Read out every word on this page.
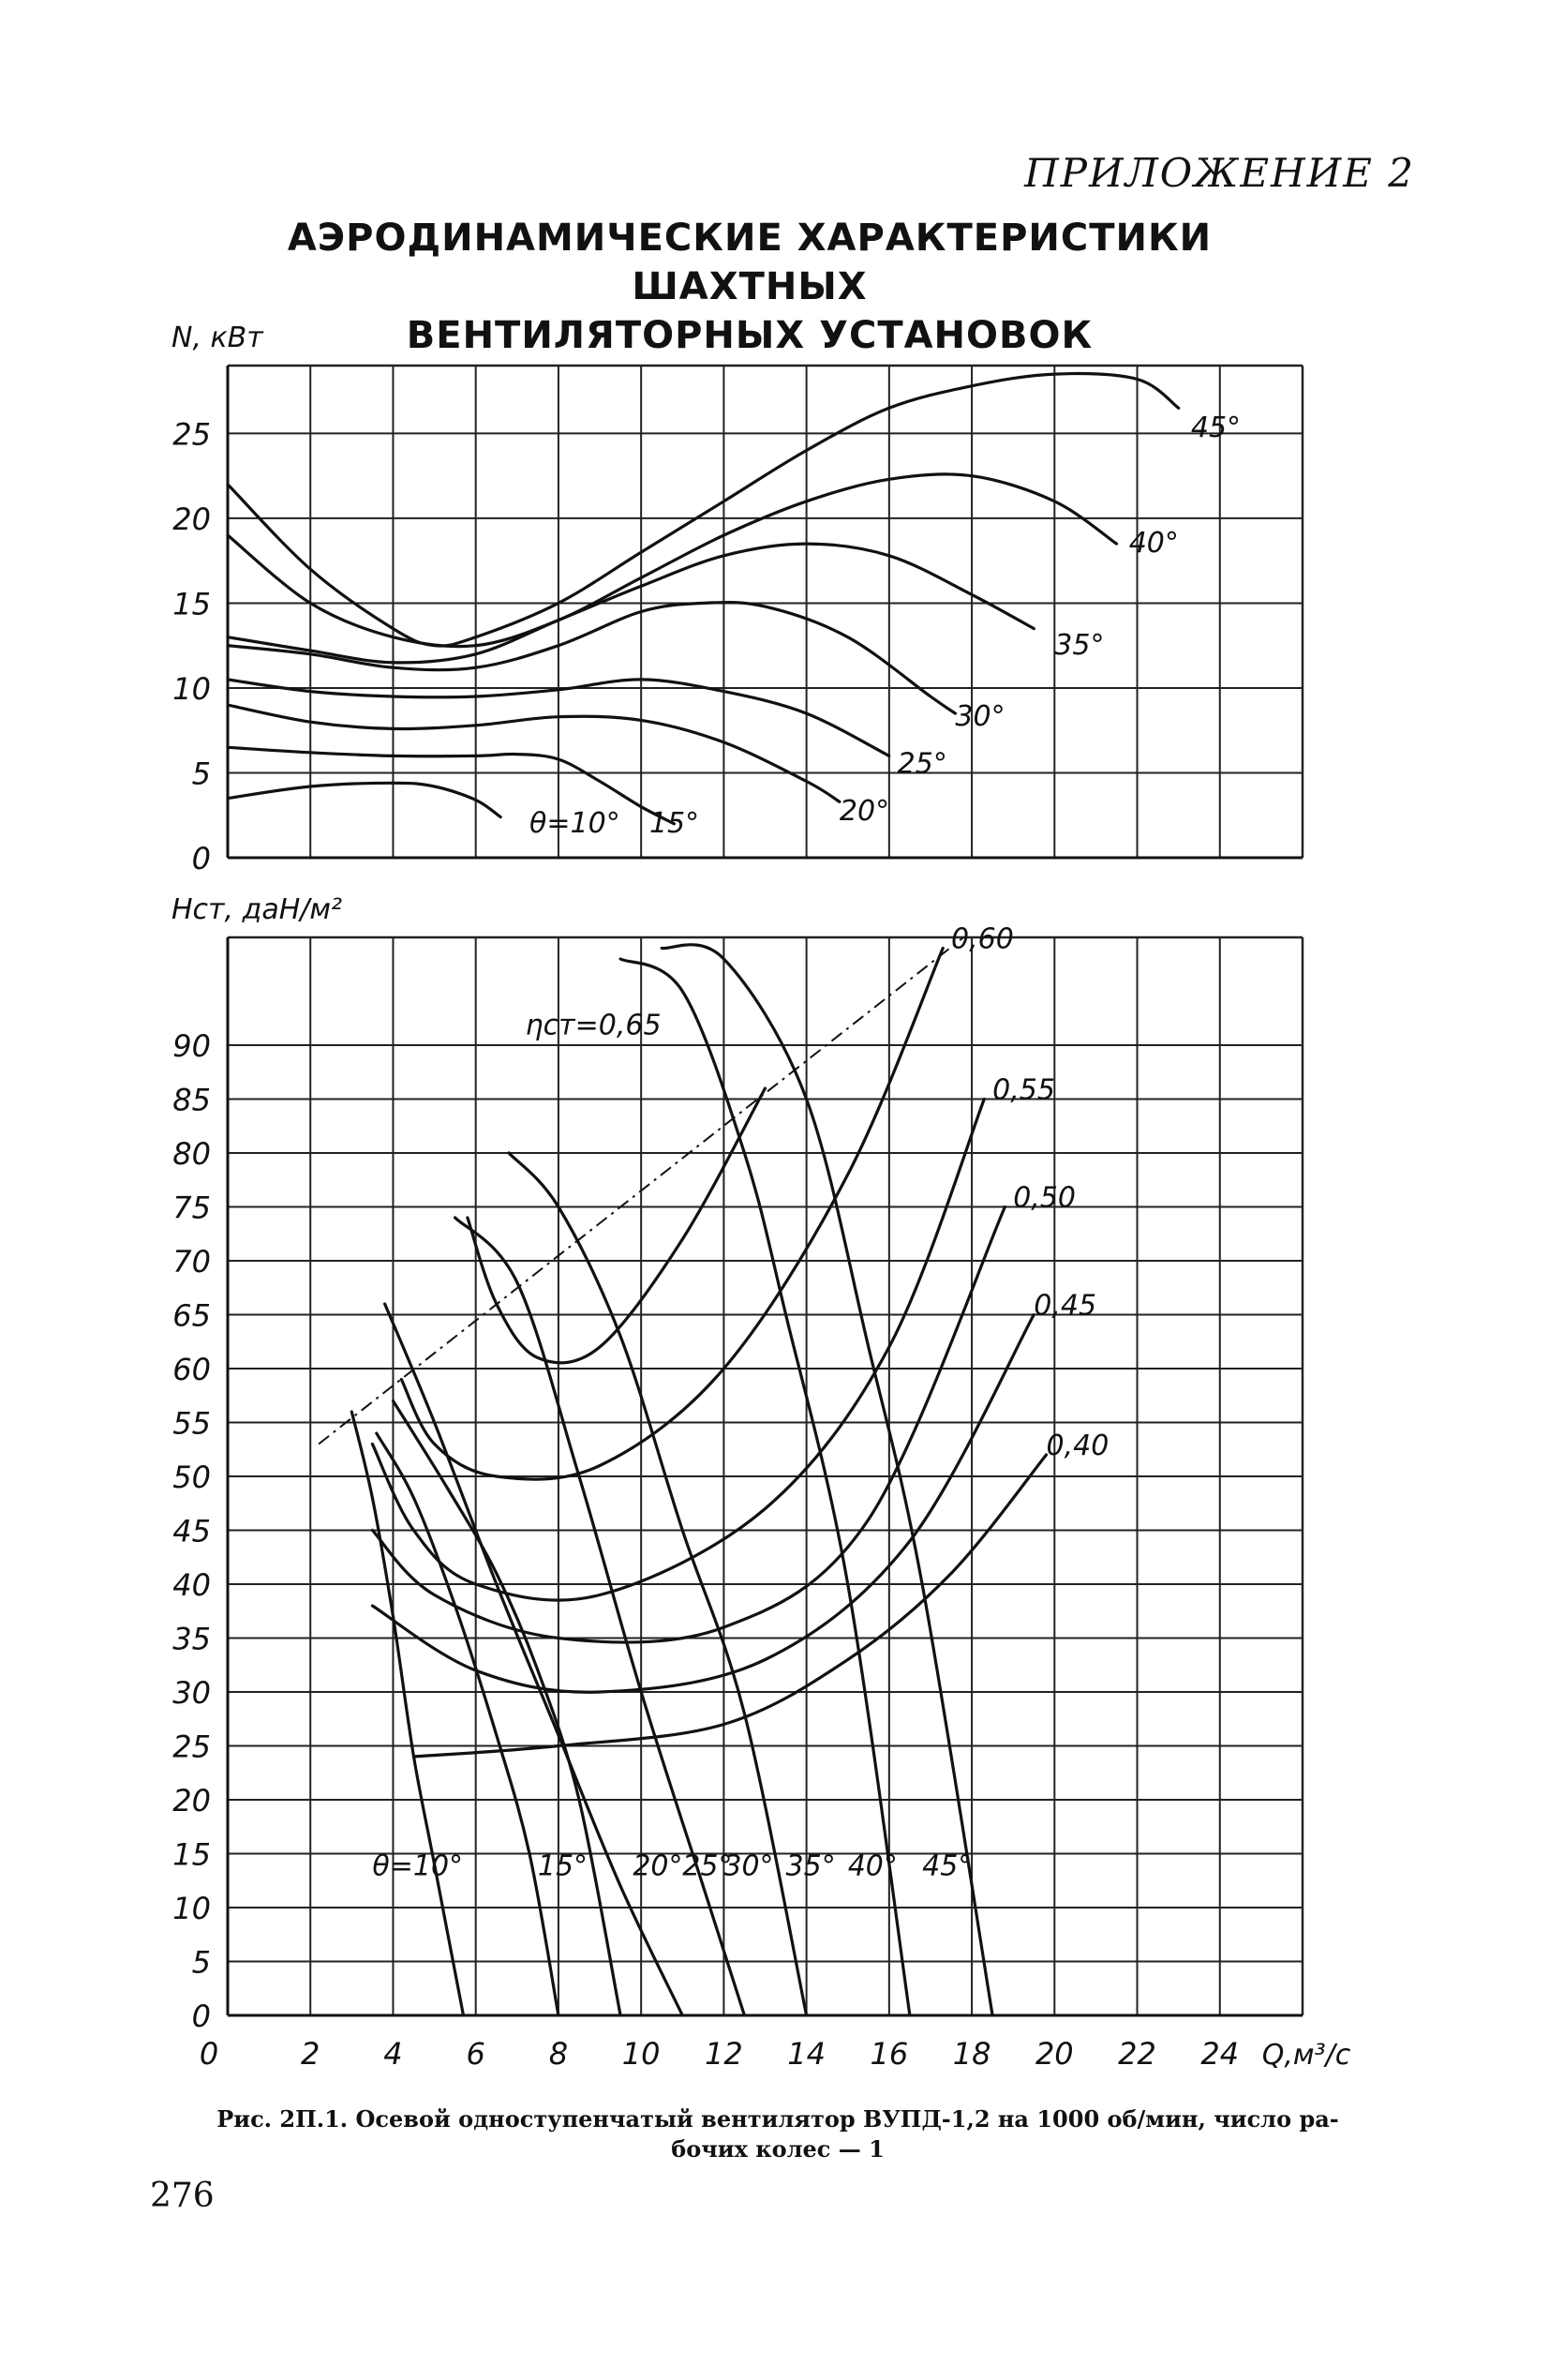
ПРИЛОЖЕНИЕ 2
АЭРОДИНАМИЧЕСКИЕ ХАРАКТЕРИСТИКИ ШАХТНЫХ
ВЕНТИЛЯТОРНЫХ УСТАНОВОК
0
5
10
15
20
25
N, кВт
θ=10° 15°	20°
25°
30°
35°
40°
45°
0
5
10
15
20
25
30
35
40
45
50
55
60
65
70
75
80
85
90
Hст, даН/м²
0	2 4 6 8 10 12 14 16 18 20 22 24 Q,м³/с
θ=10°	15° 20° 25°
30° 35° 40° 45°
ηст=0,65
0,60
0,55
0,50
0,45
0,40
Рис. 2П.1. Осевой одноступенчатый вентилятор ВУПД-1,2 на 1000 об/мин, число ра-
бочих колес — 1
276
